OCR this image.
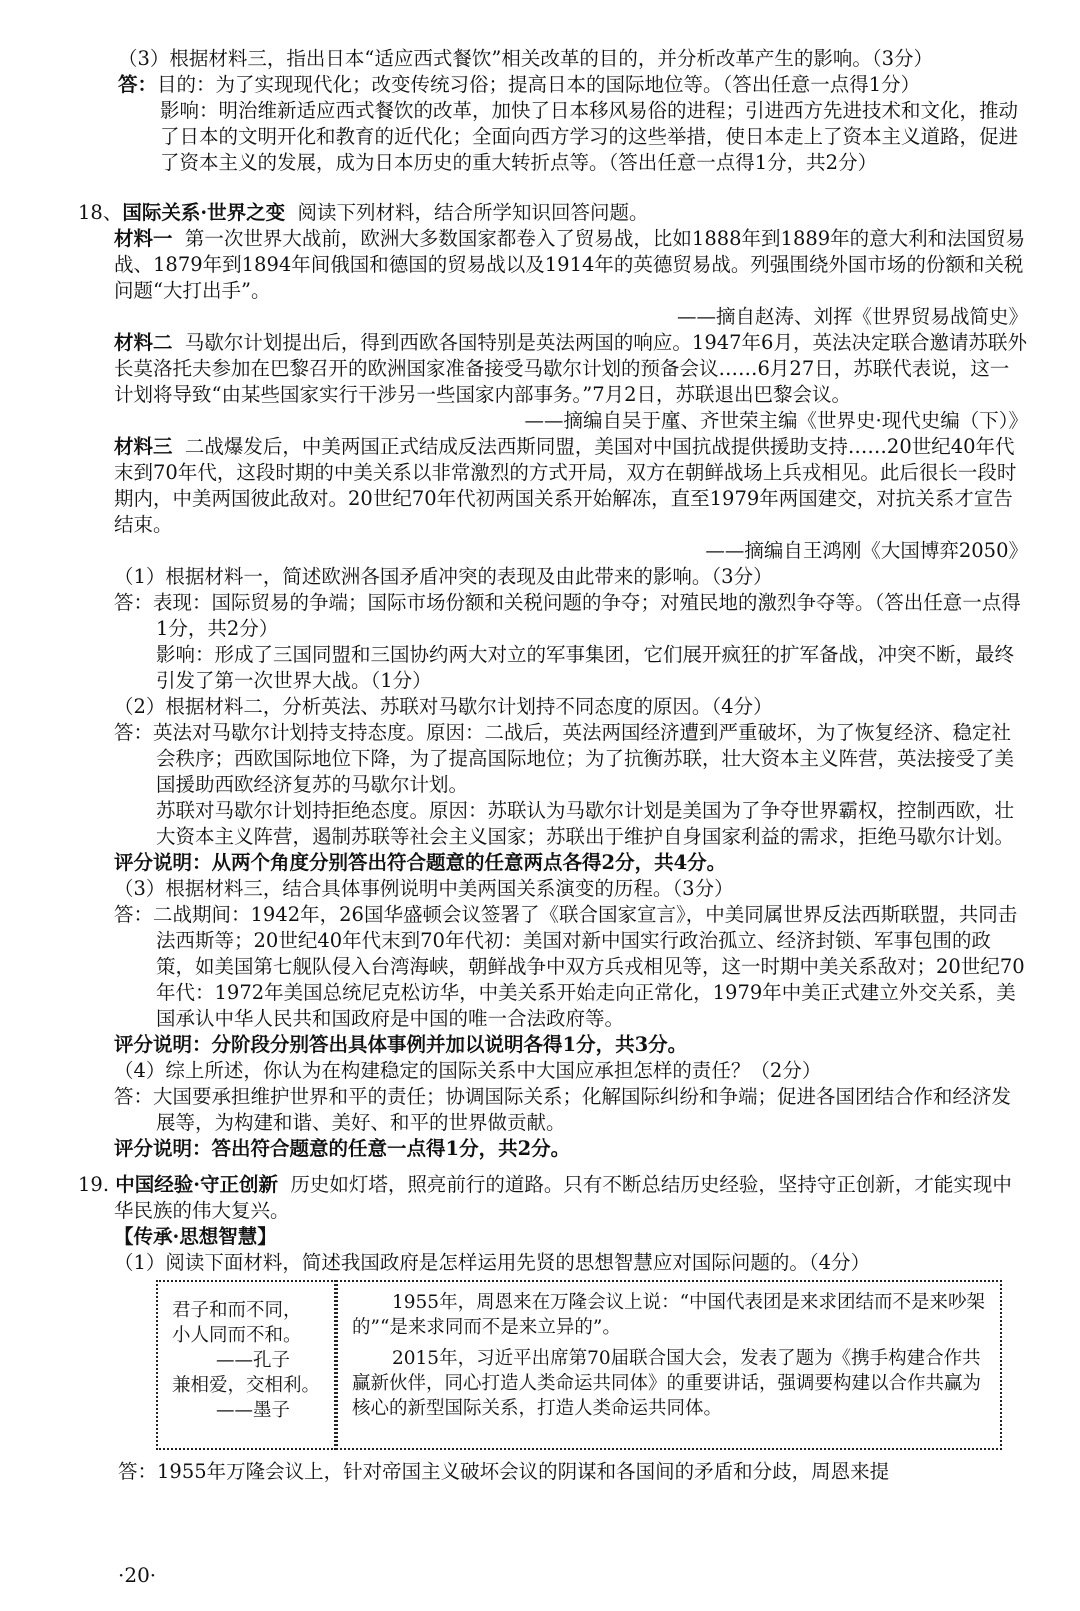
（3）根据材料三，指出日本“适应西式餐饮”相关改革的目的，并分析改革产生的影响。（3分）
答：目的：为了实现现代化；改变传统习俗；提高日本的国际地位等。（答出任意一点得1分）
影响：明治维新适应西式餐饮的改革，加快了日本移风易俗的进程；引进西方先进技术和文化，推动了日本的文明开化和教育的近代化；全面向西方学习的这些举措，使日本走上了资本主义道路，促进了资本主义的发展，成为日本历史的重大转折点等。（答出任意一点得1分，共2分）
18、国际关系·世界之变 阅读下列材料，结合所学知识回答问题。
材料一 第一次世界大战前，欧洲大多数国家都卷入了贸易战，比如1888年到1889年的意大利和法国贸易战、1879年到1894年间俄国和德国的贸易战以及1914年的英德贸易战。列强围绕外国市场的份额和关税问题“大打出手”。
——摘自赵涛、刘挥《世界贸易战简史》
材料二 马歇尔计划提出后，得到西欧各国特别是英法两国的响应。1947年6月，英法决定联合邀请苏联外长莫洛托夫参加在巴黎召开的欧洲国家准备接受马歇尔计划的预备会议……6月27日，苏联代表说，这一计划将导致“由某些国家实行干涉另一些国家内部事务。”7月2日，苏联退出巴黎会议。
——摘编自吴于廑、齐世荣主编《世界史·现代史编（下）》
材料三 二战爆发后，中美两国正式结成反法西斯同盟，美国对中国抗战提供援助支持……20世纪40年代末到70年代，这段时期的中美关系以非常激烈的方式开局，双方在朝鲜战场上兵戎相见。此后很长一段时期内，中美两国彼此敌对。20世纪70年代初两国关系开始解冻，直至1979年两国建交，对抗关系才宣告结束。
——摘编自王鸿刚《大国博弈2050》
（1）根据材料一，简述欧洲各国矛盾冲突的表现及由此带来的影响。（3分）
答：表现：国际贸易的争端；国际市场份额和关税问题的争夺；对殖民地的激烈争夺等。（答出任意一点得1分，共2分）
影响：形成了三国同盟和三国协约两大对立的军事集团，它们展开疯狂的扩军备战，冲突不断，最终引发了第一次世界大战。（1分）
（2）根据材料二，分析英法、苏联对马歇尔计划持不同态度的原因。（4分）
答：英法对马歇尔计划持支持态度。原因：二战后，英法两国经济遭到严重破坏，为了恢复经济、稳定社会秩序；西欧国际地位下降，为了提高国际地位；为了抗衡苏联，壮大资本主义阵营，英法接受了美国援助西欧经济复苏的马歇尔计划。
苏联对马歇尔计划持拒绝态度。原因：苏联认为马歇尔计划是美国为了争夺世界霸权，控制西欧，壮大资本主义阵营，遏制苏联等社会主义国家；苏联出于维护自身国家利益的需求，拒绝马歇尔计划。
评分说明：从两个角度分别答出符合题意的任意两点各得2分，共4分。
（3）根据材料三，结合具体事例说明中美两国关系演变的历程。（3分）
答：二战期间：1942年，26国华盛顿会议签署了《联合国家宣言》，中美同属世界反法西斯联盟，共同击法西斯等；20世纪40年代末到70年代初：美国对新中国实行政治孤立、经济封锁、军事包围的政策，如美国第七舰队侵入台湾海峡，朝鲜战争中双方兵戎相见等，这一时期中美关系敌对；20世纪70年代：1972年美国总统尼克松访华，中美关系开始走向正常化，1979年中美正式建立外交关系，美国承认中华人民共和国政府是中国的唯一合法政府等。
评分说明：分阶段分别答出具体事例并加以说明各得1分，共3分。
（4）综上所述，你认为在构建稳定的国际关系中大国应承担怎样的责任？（2分）
答：大国要承担维护世界和平的责任；协调国际关系；化解国际纠纷和争端；促进各国团结合作和经济发展等，为构建和谐、美好、和平的世界做贡献。
评分说明：答出符合题意的任意一点得1分，共2分。
19. 中国经验·守正创新 历史如灯塔，照亮前行的道路。只有不断总结历史经验，坚持守正创新，才能实现中华民族的伟大复兴。
【传承·思想智慧】
（1）阅读下面材料，简述我国政府是怎样运用先贤的思想智慧应对国际问题的。（4分）

君子和而不同，

小人同而不和。

——孔子

兼相爱，交相利。

——墨子

1955年，周恩来在万隆会议上说：“中国代表团是来求团结而不是来吵架的”“是来求同而不是来立异的”。

2015年，习近平出席第70届联合国大会，发表了题为《携手构建合作共赢新伙伴，同心打造人类命运共同体》的重要讲话，强调要构建以合作共赢为核心的新型国际关系，打造人类命运共同体。

答：1955年万隆会议上，针对帝国主义破坏会议的阴谋和各国间的矛盾和分歧，周恩来提
·20·
